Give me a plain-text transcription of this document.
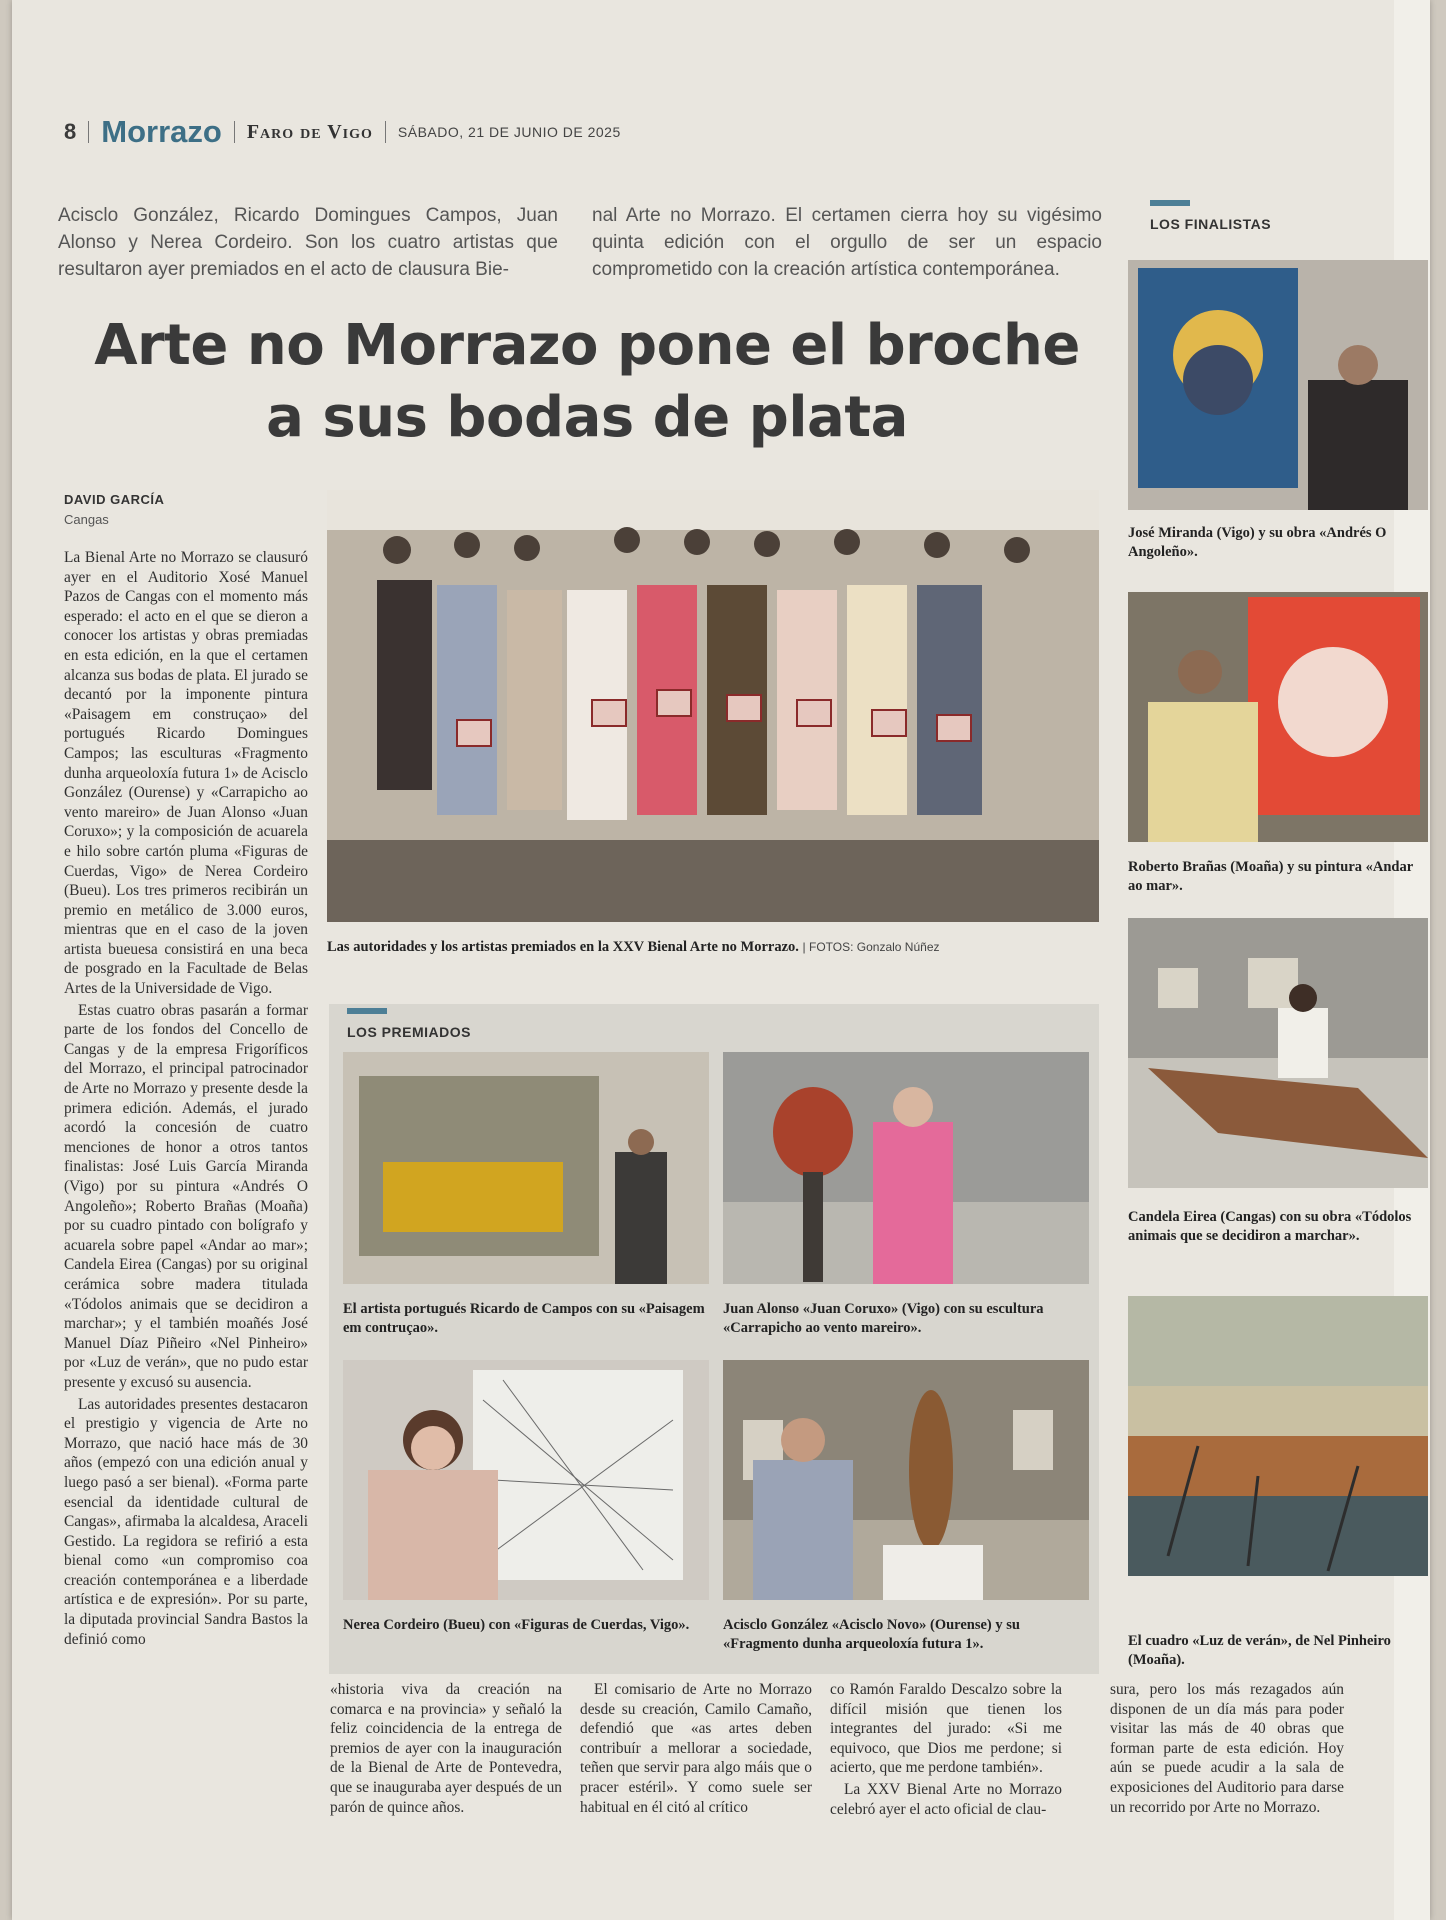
8 Morrazo Faro de Vigo SÁBADO, 21 DE JUNIO DE 2025
Acisclo González, Ricardo Domingues Campos, Juan Alonso y Nerea Cordeiro. Son los cuatro artistas que resultaron ayer premiados en el acto de clausura Bie-
nal Arte no Morrazo. El certamen cierra hoy su vigésimo quinta edición con el orgullo de ser un espacio comprometido con la creación artística contemporánea.
Arte no Morrazo pone el broche
a sus bodas de plata
DAVID GARCÍA
Cangas

La Bienal Arte no Morrazo se clausuró ayer en el Auditorio Xosé Manuel Pazos de Cangas con el momento más esperado: el acto en el que se dieron a conocer los artistas y obras premiadas en esta edición, en la que el certamen alcanza sus bodas de plata. El jurado se decantó por la imponente pintura «Paisagem em construçao» del portugués Ricardo Domingues Campos; las esculturas «Fragmento dunha arqueoloxía futura 1» de Acisclo González (Ourense) y «Carrapicho ao vento mareiro» de Juan Alonso «Juan Coruxo»; y la composición de acuarela e hilo sobre cartón pluma «Figuras de Cuerdas, Vigo» de Nerea Cordeiro (Bueu). Los tres primeros recibirán un premio en metálico de 3.000 euros, mientras que en el caso de la joven artista bueuesa consistirá en una beca de posgrado en la Facultade de Belas Artes de la Universidade de Vigo.

Estas cuatro obras pasarán a formar parte de los fondos del Concello de Cangas y de la empresa Frigoríficos del Morrazo, el principal patrocinador de Arte no Morrazo y presente desde la primera edición. Además, el jurado acordó la concesión de cuatro menciones de honor a otros tantos finalistas: José Luis García Miranda (Vigo) por su pintura «Andrés O Angoleño»; Roberto Brañas (Moaña) por su cuadro pintado con bolígrafo y acuarela sobre papel «Andar ao mar»; Candela Eirea (Cangas) por su original cerámica sobre madera titulada «Tódolos animais que se decidiron a marchar»; y el también moañés José Manuel Díaz Piñeiro «Nel Pinheiro» por «Luz de verán», que no pudo estar presente y excusó su ausencia.

Las autoridades presentes destacaron el prestigio y vigencia de Arte no Morrazo, que nació hace más de 30 años (empezó con una edición anual y luego pasó a ser bienal). «Forma parte esencial da identidade cultural de Cangas», afirmaba la alcaldesa, Araceli Gestido. La regidora se refirió a esta bienal como «un compromiso coa creación contemporánea e a liberdade artística e de expresión». Por su parte, la diputada provincial Sandra Bastos la definió como

Las autoridades y los artistas premiados en la XXV Bienal Arte no Morrazo. | FOTOS: Gonzalo Núñez
LOS PREMIADOS
El artista portugués Ricardo de Campos con su «Paisagem em contruçao».
Juan Alonso «Juan Coruxo» (Vigo) con su escultura «Carrapicho ao vento mareiro».
Nerea Cordeiro (Bueu) con «Figuras de Cuerdas, Vigo».	Acisclo González «Acisclo Novo» (Ourense) y su «Fragmento dunha arqueoloxía futura 1».

«historia viva da creación na comarca e na provincia» y señaló la feliz coincidencia de la entrega de premios de ayer con la inauguración de la Bienal de Arte de Pontevedra, que se inauguraba ayer después de un parón de quince años.

El comisario de Arte no Morrazo desde su creación, Camilo Camaño, defendió que «as artes deben contribuír a mellorar a sociedade, teñen que servir para algo máis que o pracer estéril». Y como suele ser habitual en él citó al crítico

co Ramón Faraldo Descalzo sobre la difícil misión que tienen los integrantes del jurado: «Si me equivoco, que Dios me perdone; si acierto, que me perdone también».

La XXV Bienal Arte no Morrazo celebró ayer el acto oficial de clau-

sura, pero los más rezagados aún disponen de un día más para poder visitar las más de 40 obras que forman parte de esta edición. Hoy aún se puede acudir a la sala de exposiciones del Auditorio para darse un recorrido por Arte no Morrazo.

LOS FINALISTAS
José Miranda (Vigo) y su obra «Andrés O Angoleño».
Roberto Brañas (Moaña) y su pintura «Andar ao mar».
Candela Eirea (Cangas) con su obra «Tódolos animais que se decidiron a marchar».
El cuadro «Luz de verán», de Nel Pinheiro (Moaña).
